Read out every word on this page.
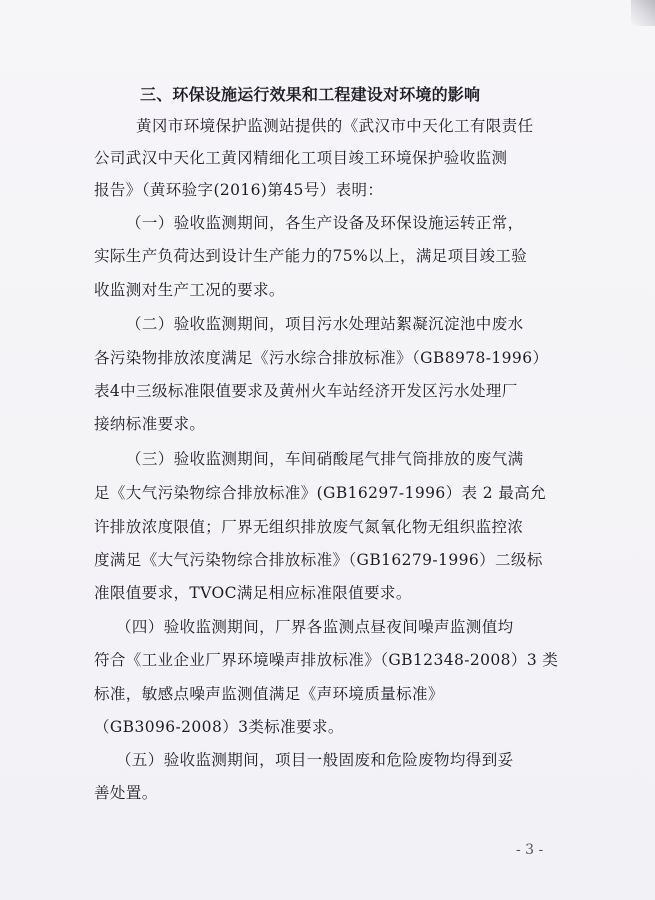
三、环保设施运行效果和工程建设对环境的影响
黄冈市环境保护监测站提供的《武汉市中天化工有限责任
公司武汉中天化工黄冈精细化工项目竣工环境保护验收监测
报告》（黄环验字(2016)第45号）表明：
（一）验收监测期间，各生产设备及环保设施运转正常，
实际生产负荷达到设计生产能力的75%以上，满足项目竣工验
收监测对生产工况的要求。
（二）验收监测期间，项目污水处理站絮凝沉淀池中废水
各污染物排放浓度满足《污水综合排放标准》（GB8978-1996）
表4中三级标准限值要求及黄州火车站经济开发区污水处理厂
接纳标准要求。
（三）验收监测期间，车间硝酸尾气排气筒排放的废气满
足《大气污染物综合排放标准》(GB16297-1996）表 2 最高允
许排放浓度限值；厂界无组织排放废气氮氧化物无组织监控浓
度满足《大气污染物综合排放标准》（GB16279-1996）二级标
准限值要求，TVOC满足相应标准限值要求。
（四）验收监测期间，厂界各监测点昼夜间噪声监测值均
符合《工业企业厂界环境噪声排放标准》（GB12348-2008）3 类
标准，敏感点噪声监测值满足《声环境质量标准》
（GB3096-2008）3类标准要求。
（五）验收监测期间，项目一般固废和危险废物均得到妥
善处置。
- 3 -
